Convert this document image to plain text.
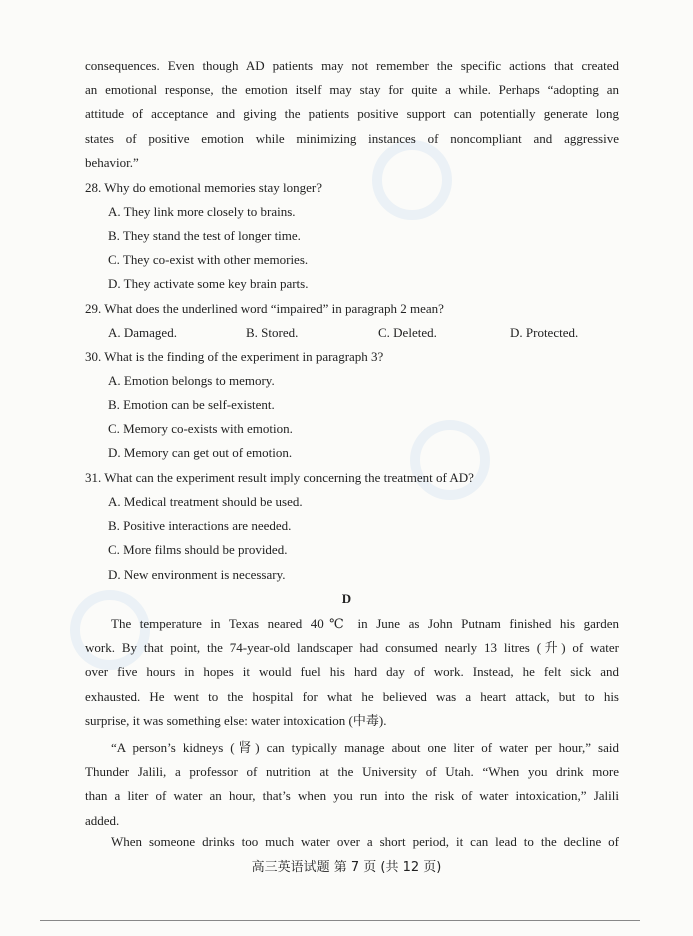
consequences. Even though AD patients may not remember the specific actions that created
an emotional response, the emotion itself may stay for quite a while. Perhaps “adopting an
attitude of acceptance and giving the patients positive support can potentially generate long
states of positive emotion while minimizing instances of noncompliant and aggressive
behavior.”
28. Why do emotional memories stay longer?
A. They link more closely to brains.
B. They stand the test of longer time.
C. They co-exist with other memories.
D. They activate some key brain parts.
29. What does the underlined word “impaired” in paragraph 2 mean?
A. Damaged.	B. Stored.	C. Deleted.	D. Protected.
30. What is the finding of the experiment in paragraph 3?
A. Emotion belongs to memory.
B. Emotion can be self-existent.
C. Memory co-exists with emotion.
D. Memory can get out of emotion.
31. What can the experiment result imply concerning the treatment of AD?
A. Medical treatment should be used.
B. Positive interactions are needed.
C. More films should be provided.
D. New environment is necessary.
D
The temperature in Texas neared 40℃ in June as John Putnam finished his garden
work. By that point, the 74-year-old landscaper had consumed nearly 13 litres (升) of water
over five hours in hopes it would fuel his hard day of work. Instead, he felt sick and
exhausted. He went to the hospital for what he believed was a heart attack, but to his
surprise, it was something else: water intoxication (中毒).
“A person’s kidneys (肾) can typically manage about one liter of water per hour,” said
Thunder Jalili, a professor of nutrition at the University of Utah. “When you drink more
than a liter of water an hour, that’s when you run into the risk of water intoxication,” Jalili
added.
When someone drinks too much water over a short period, it can lead to the decline of
高三英语试题 第 7 页 (共 12 页)
